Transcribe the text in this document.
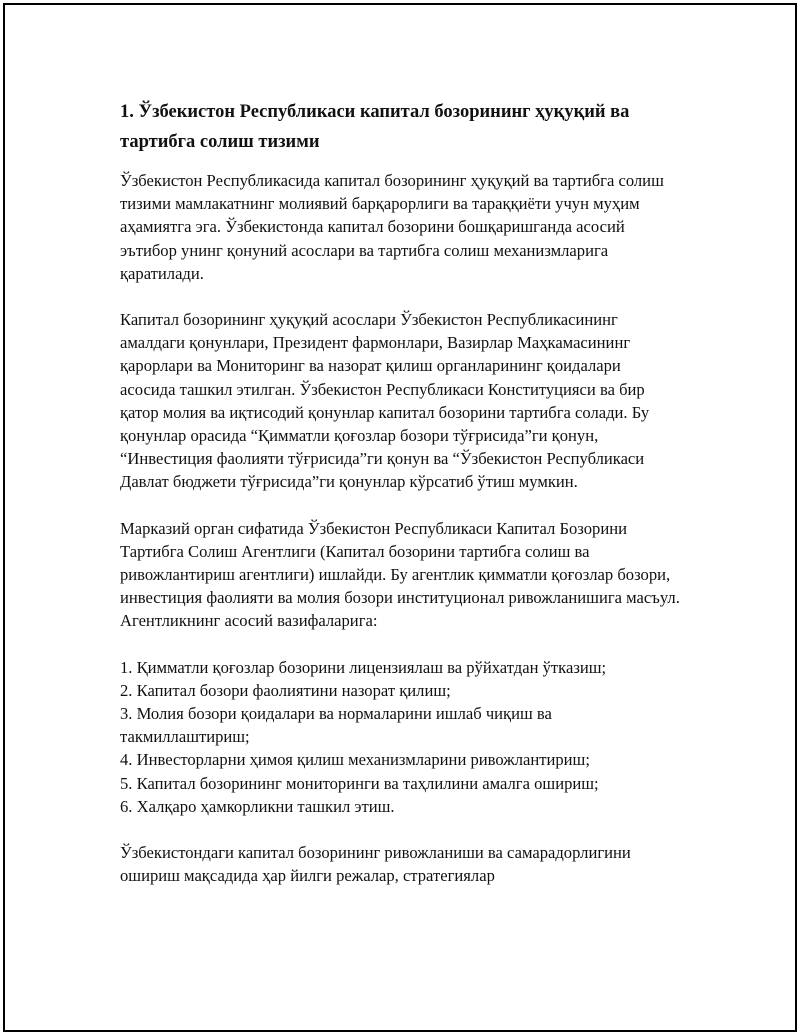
1. Ўзбекистон Республикаси капитал бозорининг ҳуқуқий ва тартибга солиш тизими

Ўзбекистон Республикасида капитал бозорининг ҳуқуқий ва тартибга солиш тизими мамлакатнинг молиявий барқарорлиги ва тараққиёти учун муҳим аҳамиятга эга. Ўзбекистонда капитал бозорини бошқаришганда асосий эътибор унинг қонуний асослари ва тартибга солиш механизмларига қаратилади.

Капитал бозорининг ҳуқуқий асослари Ўзбекистон Республикасининг амалдаги қонунлари, Президент фармонлари, Вазирлар Маҳкамасининг қарорлари ва Мониторинг ва назорат қилиш органларининг қоидалари асосида ташкил этилган. Ўзбекистон Республикаси Конституцияси ва бир қатор молия ва иқтисодий қонунлар капитал бозорини тартибга солади. Бу қонунлар орасида “Қимматли қоғозлар бозори тўғрисида”ги қонун, “Инвестиция фаолияти тўғрисида”ги қонун ва “Ўзбекистон Республикаси Давлат бюджети тўғрисида”ги қонунлар кўрсатиб ўтиш мумкин.

Марказий орган сифатида Ўзбекистон Республикаси Капитал Бозорини Тартибга Солиш Агентлиги (Капитал бозорини тартибга солиш ва ривожлантириш агентлиги) ишлайди. Бу агентлик қимматли қоғозлар бозори, инвестиция фаолияти ва молия бозори институционал ривожланишига масъул. Агентликнинг асосий вазифаларига:

1. Қимматли қоғозлар бозорини лицензиялаш ва рўйхатдан ўтказиш;
2. Капитал бозори фаолиятини назорат қилиш;
3. Молия бозори қоидалари ва нормаларини ишлаб чиқиш ва такмиллаштириш;
4. Инвесторларни ҳимоя қилиш механизмларини ривожлантириш;
5. Капитал бозорининг мониторинги ва таҳлилини амалга ошириш;
6. Халқаро ҳамкорликни ташкил этиш.

Ўзбекистондаги капитал бозорининг ривожланиши ва самарадорлигини ошириш мақсадида ҳар йилги режалар, стратегиялар
